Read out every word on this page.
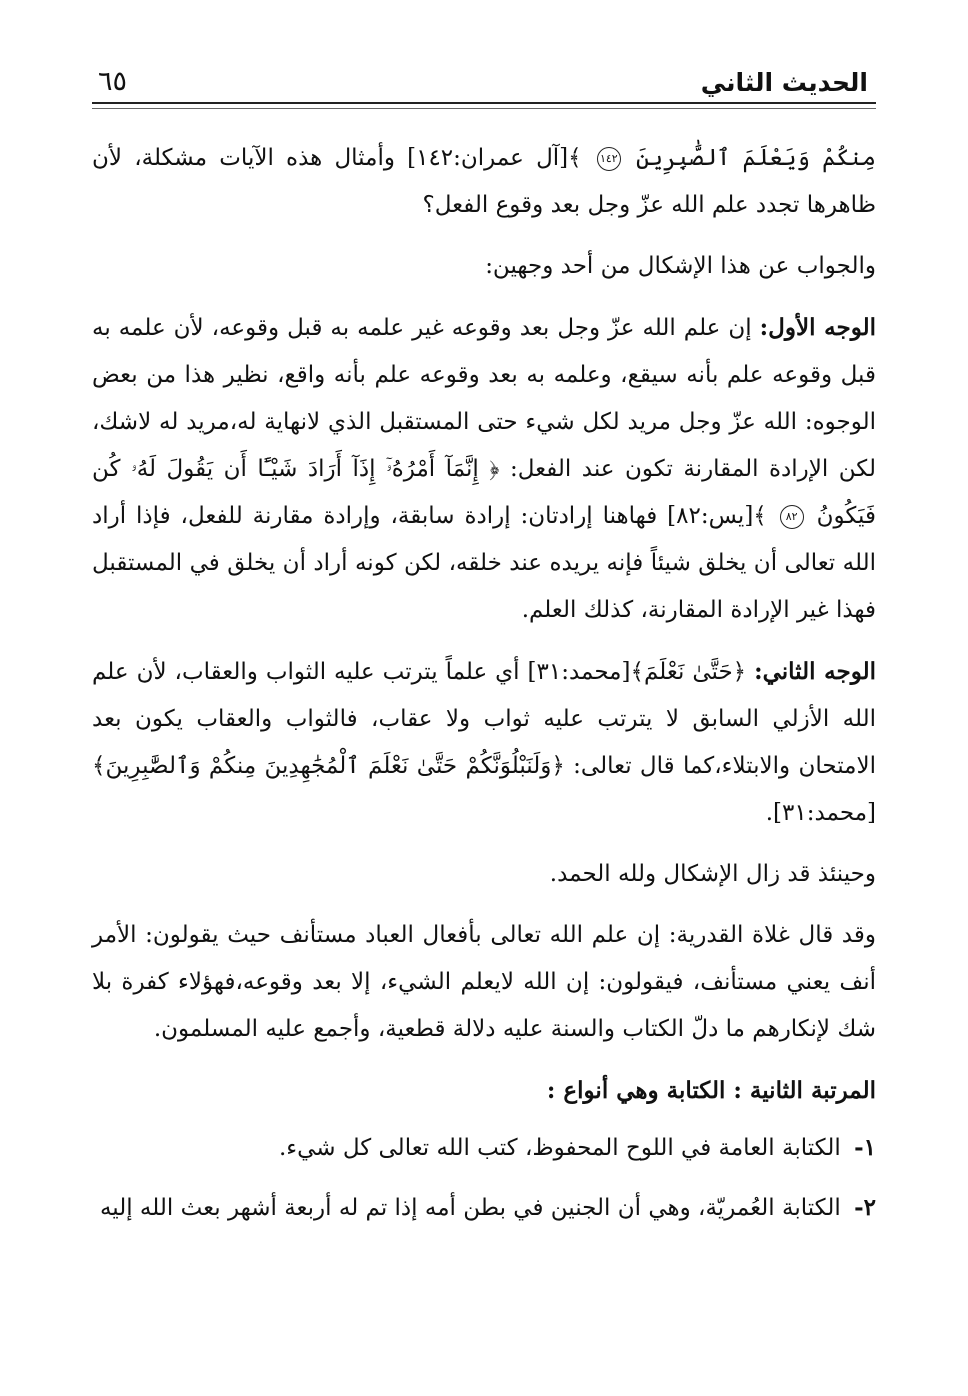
الحديث الثاني
٦٥

مِنكُمْ وَيَعْلَمَ ٱلصَّٰبِرِينَ ١٤٢ ﴾[آل عمران:١٤٢] وأمثال هذه الآيات مشكلة، لأن ظاهرها تجدد علم الله عزّ وجل بعد وقوع الفعل؟

والجواب عن هذا الإشكال من أحد وجهين:

الوجه الأول: إن علم الله عزّ وجل بعد وقوعه غير علمه به قبل وقوعه، لأن علمه به قبل وقوعه علم بأنه سيقع، وعلمه به بعد وقوعه علم بأنه واقع، نظير هذا من بعض الوجوه: الله عزّ وجل مريد لكل شيء حتى المستقبل الذي لانهاية له،مريد له لاشك، لكن الإرادة المقارنة تكون عند الفعل: ﴿ إِنَّمَآ أَمْرُهُۥٓ إِذَآ أَرَادَ شَيْـًٔا أَن يَقُولَ لَهُۥ كُن فَيَكُونُ ٨٢ ﴾[يس:٨٢] فهاهنا إرادتان: إرادة سابقة، وإرادة مقارنة للفعل، فإذا أراد الله تعالى أن يخلق شيئاً فإنه يريده عند خلقه، لكن كونه أراد أن يخلق في المستقبل فهذا غير الإرادة المقارنة، كذلك العلم.

الوجه الثاني: ﴿حَتَّىٰ نَعْلَمَ﴾[محمد:٣١] أي علماً يترتب عليه الثواب والعقاب، لأن علم الله الأزلي السابق لا يترتب عليه ثواب ولا عقاب، فالثواب والعقاب يكون بعد الامتحان والابتلاء،كما قال تعالى: ﴿وَلَنَبْلُوَنَّكُمْ حَتَّىٰ نَعْلَمَ ٱلْمُجَٰهِدِينَ مِنكُمْ وَٱلصَّٰبِرِينَ﴾ [محمد:٣١].

وحينئذ قد زال الإشكال ولله الحمد.

وقد قال غلاة القدرية: إن علم الله تعالى بأفعال العباد مستأنف حيث يقولون: الأمر أنف يعني مستأنف، فيقولون: إن الله لايعلم الشيء، إلا بعد وقوعه،فهؤلاء كفرة بلا شك لإنكارهم ما دلّ الكتاب والسنة عليه دلالة قطعية، وأجمع عليه المسلمون.

المرتبة الثانية : الكتابة وهي أنواع :

١- الكتابة العامة في اللوح المحفوظ، كتب الله تعالى كل شيء.

٢- الكتابة العُمريّة، وهي أن الجنين في بطن أمه إذا تم له أربعة أشهر بعث الله إليه
